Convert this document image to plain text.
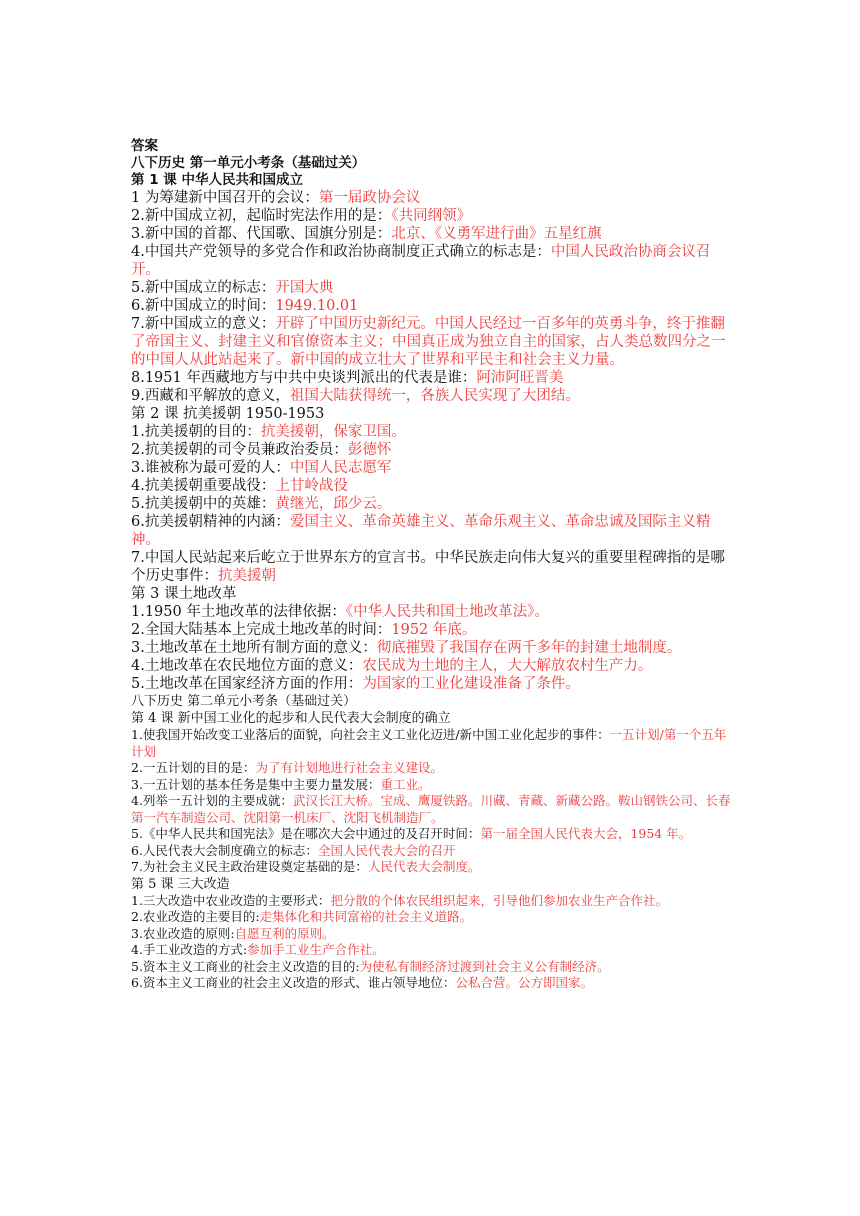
答案
八下历史 第一单元小考条（基础过关）
第 1 课 中华人民共和国成立
1 为筹建新中国召开的会议：第一届政协会议
2.新中国成立初，起临时宪法作用的是：《共同纲领》
3.新中国的首都、代国歌、国旗分别是：北京、《义勇军进行曲》五星红旗
4.中国共产党领导的多党合作和政治协商制度正式确立的标志是：中国人民政治协商会议召开。
5.新中国成立的标志：开国大典
6.新中国成立的时间：1949.10.01
7.新中国成立的意义：开辟了中国历史新纪元。中国人民经过一百多年的英勇斗争，终于推翻了帝国主义、封建主义和官僚资本主义；中国真正成为独立自主的国家，占人类总数四分之一的中国人从此站起来了。新中国的成立壮大了世界和平民主和社会主义力量。
8.1951 年西藏地方与中共中央谈判派出的代表是谁：阿沛阿旺晋美
9.西藏和平解放的意义，祖国大陆获得统一，各族人民实现了大团结。
第 2 课 抗美援朝 1950-1953
1.抗美援朝的目的：抗美援朝，保家卫国。
2.抗美援朝的司令员兼政治委员：彭德怀
3.谁被称为最可爱的人：中国人民志愿军
4.抗美援朝重要战役：上甘岭战役
5.抗美援朝中的英雄：黄继光，邱少云。
6.抗美援朝精神的内涵：爱国主义、革命英雄主义、革命乐观主义、革命忠诚及国际主义精神。
7.中国人民站起来后屹立于世界东方的宣言书。中华民族走向伟大复兴的重要里程碑指的是哪个历史事件：抗美援朝
第 3 课土地改革
1.1950 年土地改革的法律依据：《中华人民共和国土地改革法》。
2.全国大陆基本上完成土地改革的时间：1952 年底。
3.土地改革在土地所有制方面的意义：彻底摧毁了我国存在两千多年的封建土地制度。
4.土地改革在农民地位方面的意义：农民成为土地的主人，大大解放农村生产力。
5.土地改革在国家经济方面的作用：为国家的工业化建设准备了条件。
八下历史 第二单元小考条（基础过关）
第 4 课 新中国工业化的起步和人民代表大会制度的确立
1.使我国开始改变工业落后的面貌，向社会主义工业化迈进/新中国工业化起步的事件：一五计划/第一个五年计划
2.一五计划的目的是：为了有计划地进行社会主义建设。
3.一五计划的基本任务是集中主要力量发展：重工业。
4.列举一五计划的主要成就：武汉长江大桥。宝成、鹰厦铁路。川藏、青藏、新藏公路。鞍山钢铁公司、长春第一汽车制造公司、沈阳第一机床厂、沈阳飞机制造厂。
5.《中华人民共和国宪法》是在哪次大会中通过的及召开时间：第一届全国人民代表大会，1954 年。
6.人民代表大会制度确立的标志：全国人民代表大会的召开
7.为社会主义民主政治建设奠定基础的是：人民代表大会制度。
第 5 课 三大改造
1.三大改造中农业改造的主要形式：把分散的个体农民组织起来，引导他们参加农业生产合作社。
2.农业改造的主要目的:走集体化和共同富裕的社会主义道路。
3.农业改造的原则:自愿互利的原则。
4.手工业改造的方式:参加手工业生产合作社。
5.资本主义工商业的社会主义改造的目的:为使私有制经济过渡到社会主义公有制经济。
6.资本主义工商业的社会主义改造的形式、谁占领导地位：公私合营。公方即国家。
